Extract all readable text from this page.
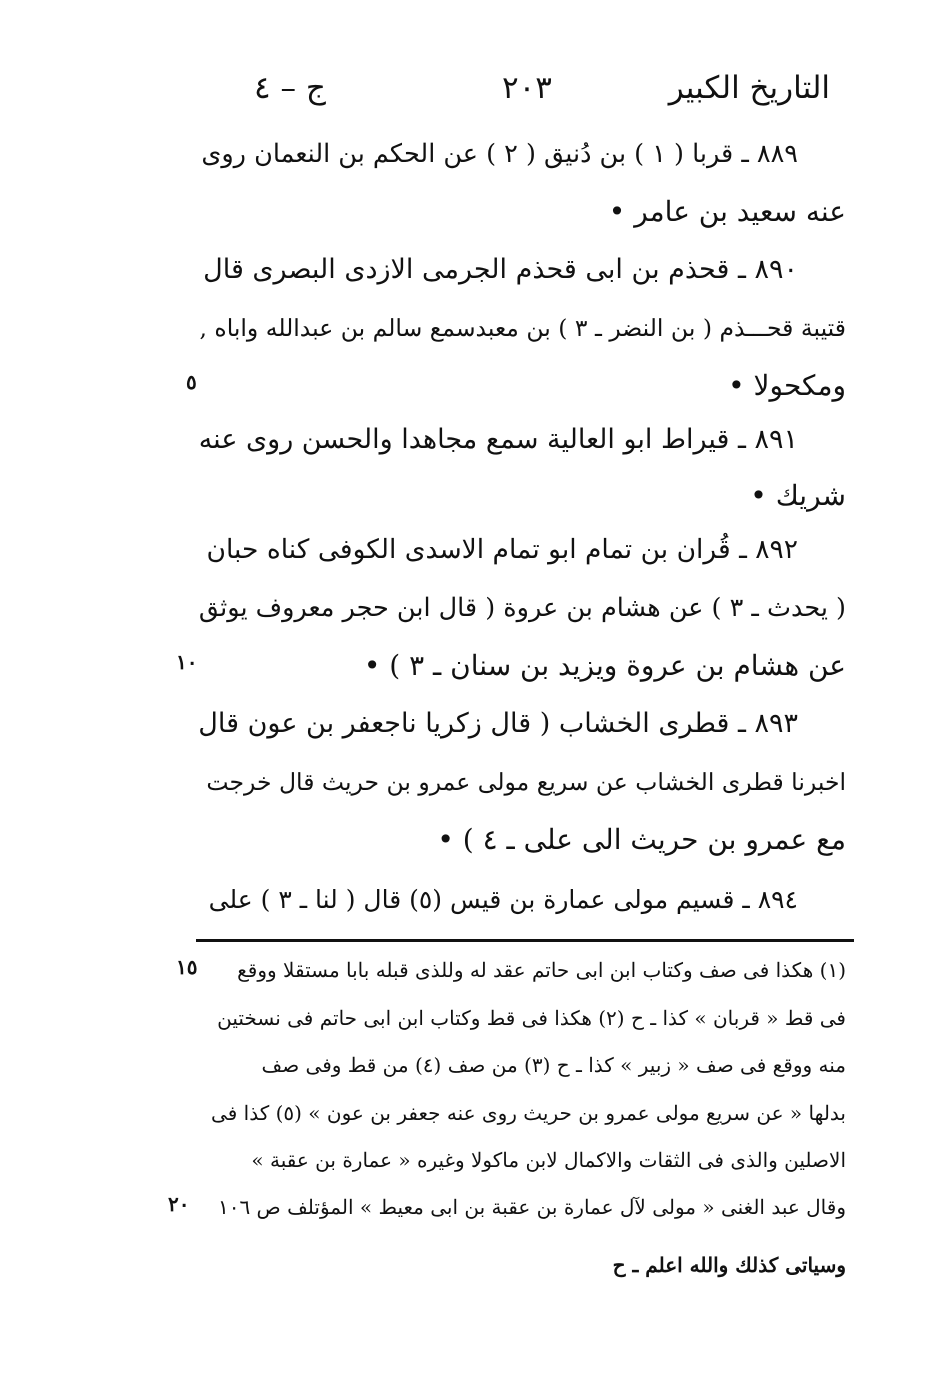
التاريخ الكبير
٢٠٣
ج – ٤
٨٨٩ ـ قربا ( ١ ) بن دُنيق ( ٢ ) عن الحكم بن النعمان روى
عنه سعيد بن عامر •
٨٩٠ ـ قحذم بن ابى قحذم الجرمى الازدى البصرى قال
قتيبة قحـــذم ( بن النضر ـ ٣ ) بن معبدسمع سالم بن عبدالله واباه ,
ومكحولا •
٨٩١ ـ قيراط ابو العالية سمع مجاهدا والحسن روى عنه
شريك •
٨٩٢ ـ قُران بن تمام ابو تمام الاسدى الكوفى كناه حبان
( يحدث ـ ٣ ) عن هشام بن عروة ( قال ابن حجر معروف يوثق
عن هشام بن عروة ويزيد بن سنان ـ ٣ ) •
٨٩٣ ـ قطرى الخشاب ( قال زكريا ناجعفر بن عون قال
اخبرنا قطرى الخشاب عن سريع مولى عمرو بن حريث قال خرجت
مع عمرو بن حريث الى على ـ ٤ ) •
٨٩٤ ـ قسيم مولى عمارة بن قيس (٥) قال ( لنا ـ ٣ ) على
٥
١٠
١٥
٢٠
(١) هكذا فى صف وكتاب ابن ابى حاتم عقد له وللذى قبله بابا مستقلا ووقع
فى قط « قربان » كذا ـ ح (٢) هكذا فى قط وكتاب ابن ابى حاتم فى نسختين
منه ووقع فى صف « زبير » كذا ـ ح (٣) من صف (٤) من قط وفى صف
بدلها « عن سريع مولى عمرو بن حريث روى عنه جعفر بن عون » (٥) كذا فى
الاصلين والذى فى الثقات والاكمال لابن ماكولا وغيره « عمارة بن عقبة »
وقال عبد الغنى « مولى لآل عمارة بن عقبة بن ابى معيط » المؤتلف ص ١٠٦
وسياتى كذلك والله اعلم ـ ح
